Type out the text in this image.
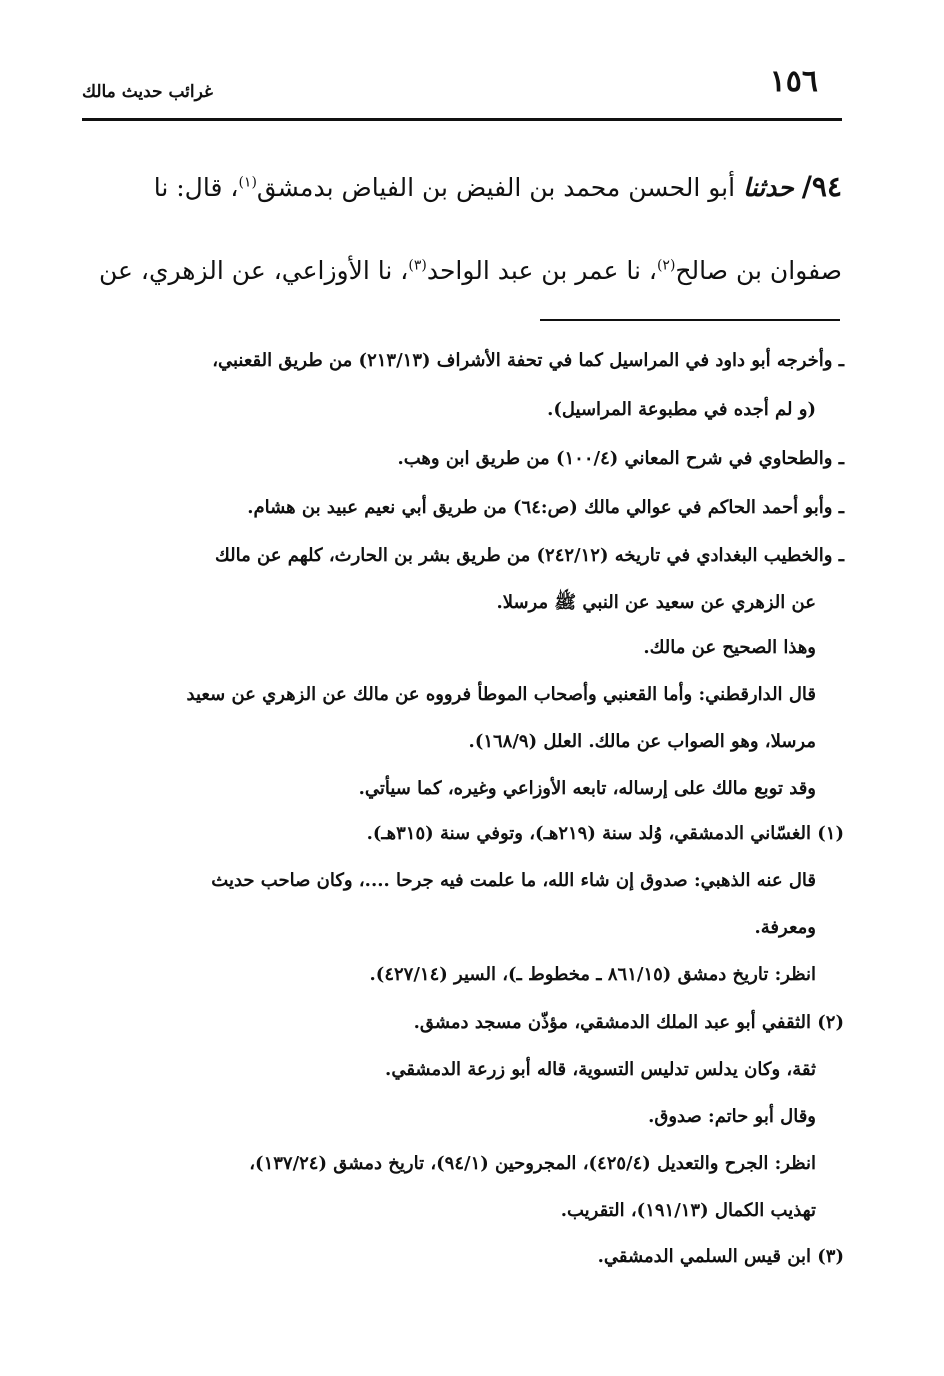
غرائب حديث مالك	١٥٦
٩٤/ حدثنا أبو الحسن محمد بن الفيض بن الفياض بدمشق$^{(١)}$، قال: نا
صفوان بن صالح$^{(٢)}$، نا عمر بن عبد الواحد$^{(٣)}$، نا الأوزاعي، عن الزهري، عن
ـ وأخرجه أبو داود في المراسيل كما في تحفة الأشراف (٢١٣/١٣) من طريق القعنبي،
(و لم أجده في مطبوعة المراسيل).
ـ والطحاوي في شرح المعاني (١٠٠/٤) من طريق ابن وهب.
ـ وأبو أحمد الحاكم في عوالي مالك (ص:٦٤) من طريق أبي نعيم عبيد بن هشام.
ـ والخطيب البغدادي في تاريخه (٢٤٢/١٢) من طريق بشر بن الحارث، كلهم عن مالك
عن الزهري عن سعيد عن النبي ﷺ مرسلا.
وهذا الصحيح عن مالك.
قال الدارقطني: وأما القعنبي وأصحاب الموطأ فرووه عن مالك عن الزهري عن سعيد
مرسلا، وهو الصواب عن مالك. العلل (١٦٨/٩).
وقد توبع مالك على إرساله، تابعه الأوزاعي وغيره، كما سيأتي.
(١) الغسّاني الدمشقي، وُلد سنة (٢١٩هـ)، وتوفي سنة (٣١٥هـ).
قال عنه الذهبي: صدوق إن شاء الله، ما علمت فيه جرحا ....، وكان صاحب حديث
ومعرفة.
انظر: تاريخ دمشق (٨٦١/١٥ ـ مخطوط ـ)، السير (٤٢٧/١٤).
(٢) الثقفي أبو عبد الملك الدمشقي، مؤذّن مسجد دمشق.
ثقة، وكان يدلس تدليس التسوية، قاله أبو زرعة الدمشقي.
وقال أبو حاتم: صدوق.
انظر: الجرح والتعديل (٤٢٥/٤)، المجروحين (٩٤/١)، تاريخ دمشق (١٣٧/٢٤)،
تهذيب الكمال (١٩١/١٣)، التقريب.
(٣) ابن قيس السلمي الدمشقي.
